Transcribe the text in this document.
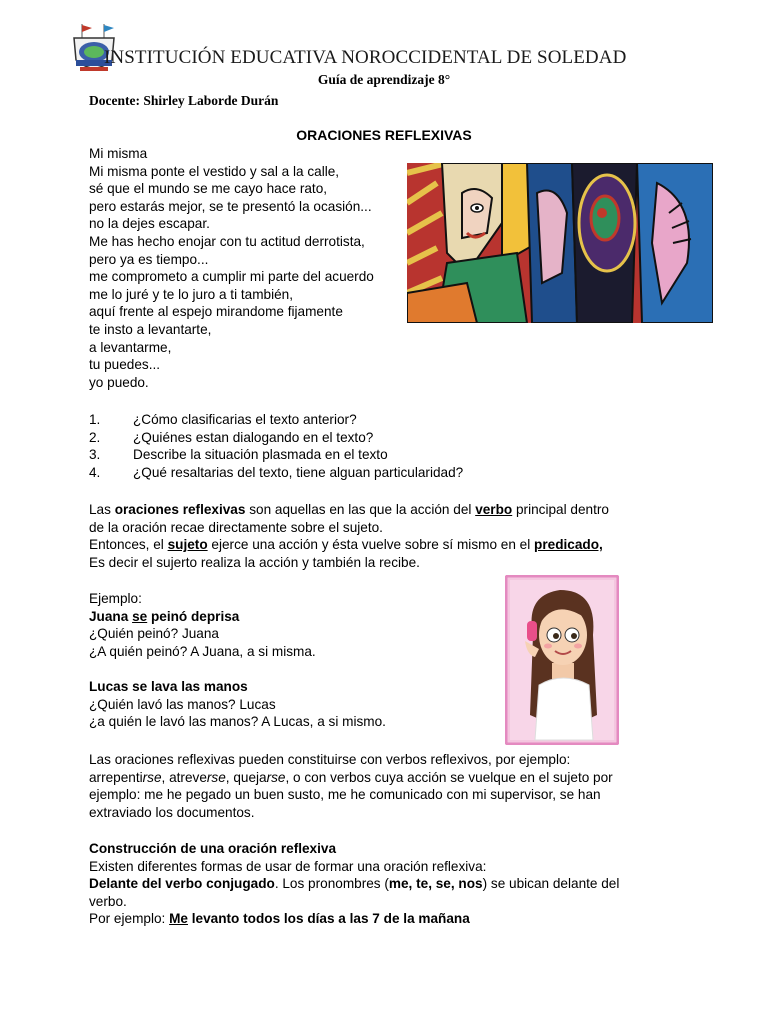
INSTITUCIÓN EDUCATIVA NOROCCIDENTAL DE SOLEDAD
Guía de aprendizaje 8°
Docente: Shirley Laborde Durán
ORACIONES REFLEXIVAS
Mi misma
Mi misma ponte el vestido y sal a la calle,
sé que el mundo se me cayo hace rato,
pero estarás mejor, se te presentó la ocasión...
no la dejes escapar.
Me has hecho enojar con tu actitud derrotista,
pero ya es tiempo...
me comprometo a cumplir mi parte del acuerdo
me lo juré y te lo juro a ti también,
aquí frente al espejo mirandome fijamente
te insto a levantarte,
a levantarme,
tu puedes...
yo puedo.
1. ¿Cómo clasificarias el texto anterior?
2. ¿Quiénes estan dialogando en el texto?
3. Describe la situación plasmada en el texto
4. ¿Qué resaltarias del texto, tiene alguan particularidad?
Las oraciones reflexivas son aquellas en las que la acción del verbo principal dentro
de la oración recae directamente sobre el sujeto.
Entonces, el sujeto ejerce una acción y ésta vuelve sobre sí mismo en el predicado,
Es decir el sujerto realiza la acción y también la recibe.
Ejemplo:
Juana se peinó deprisa
¿Quién peinó? Juana
¿A quién peinó? A Juana, a si misma.
Lucas se lava las manos
¿Quién lavó las manos? Lucas
¿a quién le lavó las manos? A Lucas, a si mismo.
Las oraciones reflexivas pueden constituirse con verbos reflexivos, por ejemplo:
arrepentirse, atreverse, quejarse, o con verbos cuya acción se vuelque en el sujeto por
ejemplo: me he pegado un buen susto, me he comunicado con mi supervisor, se han
extraviado los documentos.
Construcción de una oración reflexiva
Existen diferentes formas de usar de formar una oración reflexiva:
Delante del verbo conjugado. Los pronombres (me, te, se, nos) se ubican delante del
verbo.
Por ejemplo: Me levanto todos los días a las 7 de la mañana
